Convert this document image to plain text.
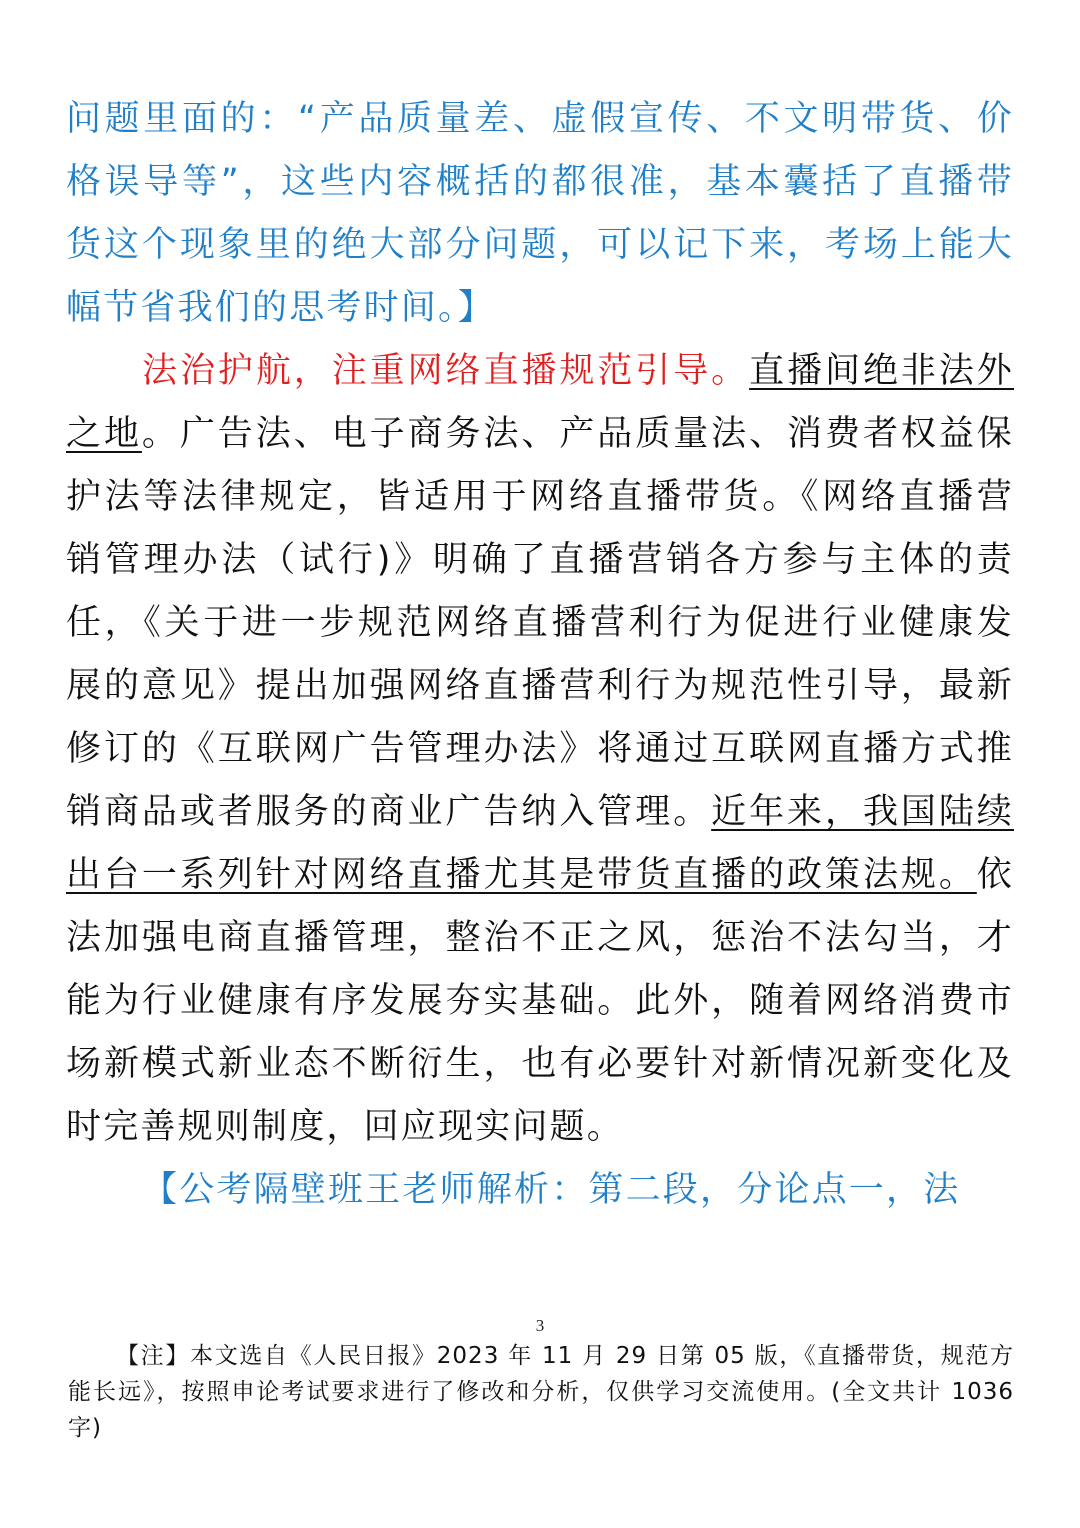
问题里面的：“产品质量差、虚假宣传、不文明带货、价格误导等”，这些内容概括的都很准，基本囊括了直播带货这个现象里的绝大部分问题，可以记下来，考场上能大幅节省我们的思考时间。】

法治护航，注重网络直播规范引导。直播间绝非法外之地。广告法、电子商务法、产品质量法、消费者权益保护法等法律规定，皆适用于网络直播带货。《网络直播营销管理办法（试行)》明确了直播营销各方参与主体的责任，《关于进一步规范网络直播营利行为促进行业健康发展的意见》提出加强网络直播营利行为规范性引导，最新修订的《互联网广告管理办法》将通过互联网直播方式推销商品或者服务的商业广告纳入管理。近年来，我国陆续出台一系列针对网络直播尤其是带货直播的政策法规。依法加强电商直播管理，整治不正之风，惩治不法勾当，才能为行业健康有序发展夯实基础。此外，随着网络消费市场新模式新业态不断衍生，也有必要针对新情况新变化及时完善规则制度，回应现实问题。

【公考隔壁班王老师解析：第二段，分论点一，法

3
【注】本文选自《人民日报》2023 年 11 月 29 日第 05 版，《直播带货，规范方能长远》，按照申论考试要求进行了修改和分析，仅供学习交流使用。(全文共计 1036 字)
